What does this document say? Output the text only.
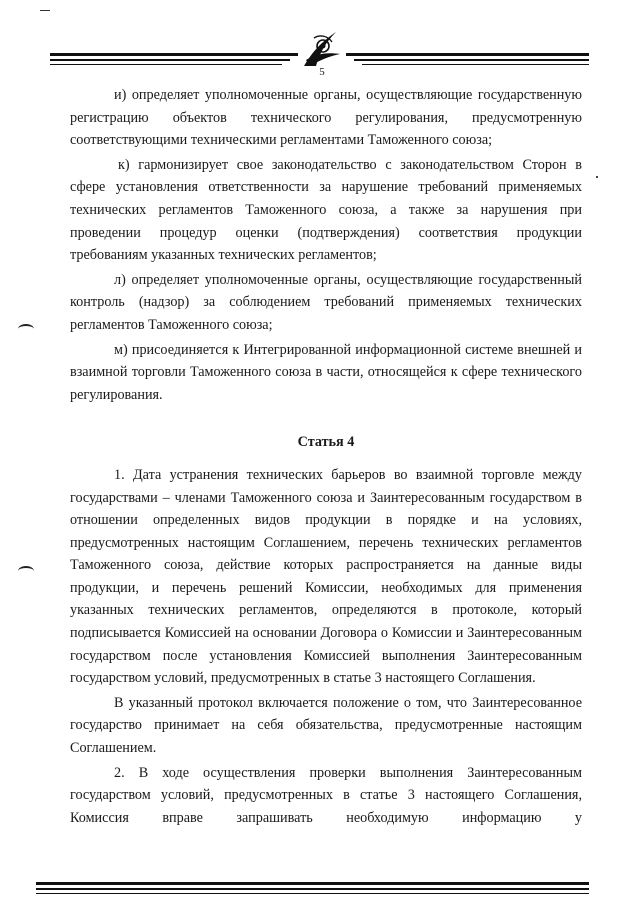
5

и) определяет уполномоченные органы, осуществляющие государственную регистрацию объектов технического регулирования, предусмотренную соответствующими техническими регламентами Таможенного союза;

к) гармонизирует свое законодательство с законодательством Сторон в сфере установления ответственности за нарушение требований применяемых технических регламентов Таможенного союза, а также за нарушения при проведении процедур оценки (подтверждения) соответствия продукции требованиям указанных технических регламентов;

л) определяет уполномоченные органы, осуществляющие государственный контроль (надзор) за соблюдением требований применяемых технических регламентов Таможенного союза;

м) присоединяется к Интегрированной информационной системе внешней и взаимной торговли Таможенного союза в части, относящейся к сфере технического регулирования.

Статья 4

1. Дата устранения технических барьеров во взаимной торговле между государствами – членами Таможенного союза и Заинтересованным государством в отношении определенных видов продукции в порядке и на условиях, предусмотренных настоящим Соглашением, перечень технических регламентов Таможенного союза, действие которых распространяется на данные виды продукции, и перечень решений Комиссии, необходимых для применения указанных технических регламентов, определяются в протоколе, который подписывается Комиссией на основании Договора о Комиссии и Заинтересованным государством после установления Комиссией выполнения Заинтересованным государством условий, предусмотренных в статье 3 настоящего Соглашения.

В указанный протокол включается положение о том, что Заинтересованное государство принимает на себя обязательства, предусмотренные настоящим Соглашением.

2. В ходе осуществления проверки выполнения Заинтересованным государством условий, предусмотренных в статье 3 настоящего Соглашения, Комиссия вправе запрашивать необходимую информацию у
